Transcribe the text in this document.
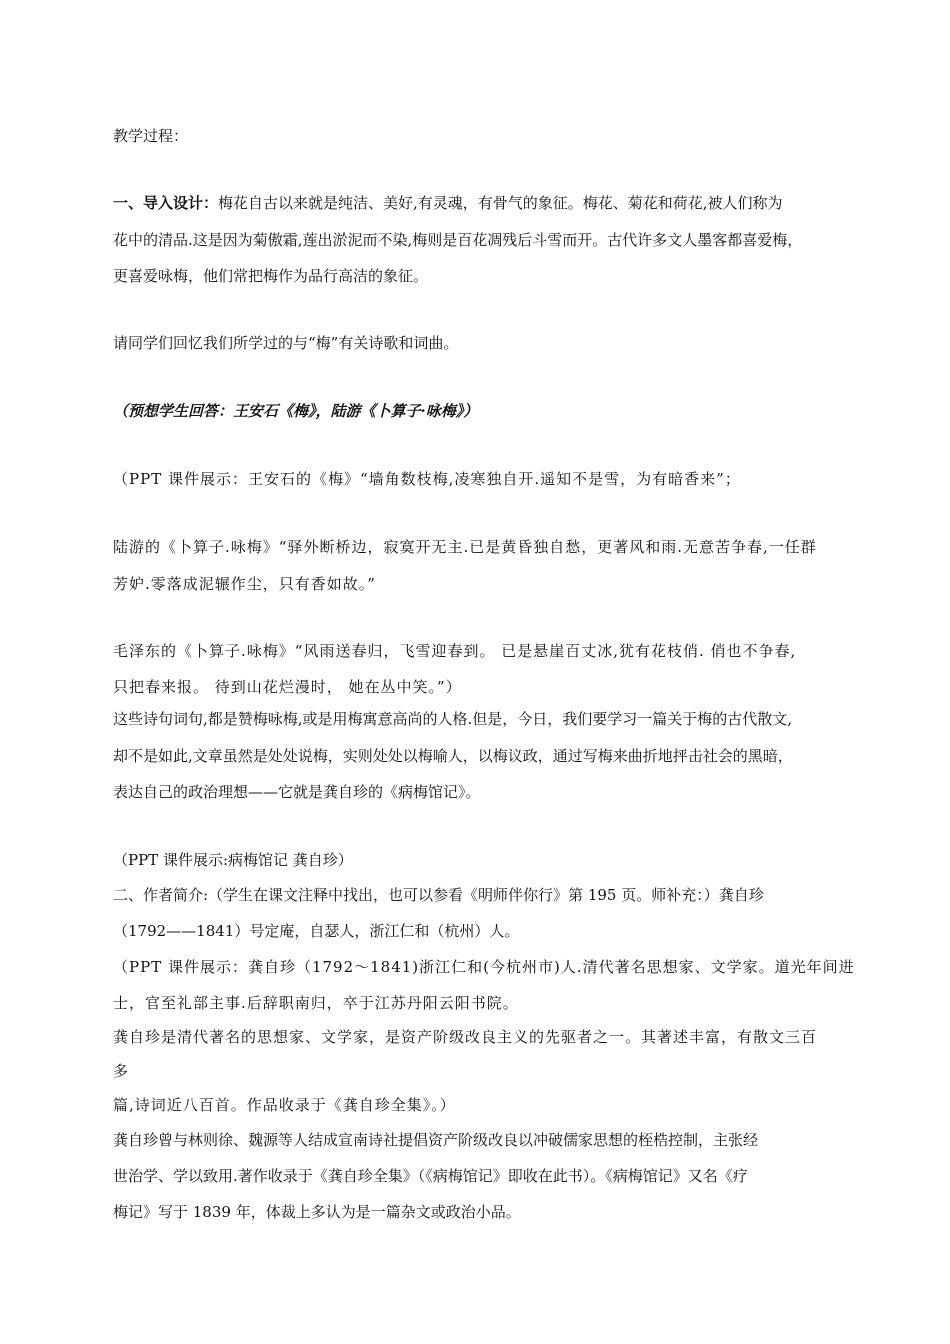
教学过程：
一、导入设计：梅花自古以来就是纯洁、美好,有灵魂，有骨气的象征。梅花、菊花和荷花,被人们称为
花中的清品.这是因为菊傲霜,莲出淤泥而不染,梅则是百花凋残后斗雪而开。古代许多文人墨客都喜爱梅，
更喜爱咏梅，他们常把梅作为品行高洁的象征。
请同学们回忆我们所学过的与“梅”有关诗歌和词曲。
（预想学生回答：王安石《梅》，陆游《卜算子·咏梅》）
（PPT 课件展示：王安石的《梅》“墙角数枝梅,凌寒独自开.遥知不是雪，为有暗香来”；
陆游的《卜算子.咏梅》“驿外断桥边，寂寞开无主.已是黄昏独自愁，更著风和雨.无意苦争春,一任群
芳妒.零落成泥辗作尘，只有香如故。”
毛泽东的《卜算子.咏梅》“风雨送春归，飞雪迎春到。 已是悬崖百丈冰,犹有花枝俏. 俏也不争春,
只把春来报。 待到山花烂漫时， 她在丛中笑。”）
这些诗句词句,都是赞梅咏梅,或是用梅寓意高尚的人格.但是，今日，我们要学习一篇关于梅的古代散文,
却不是如此,文章虽然是处处说梅，实则处处以梅喻人，以梅议政，通过写梅来曲折地抨击社会的黑暗，
表达自己的政治理想——它就是龚自珍的《病梅馆记》。
（PPT 课件展示:病梅馆记 龚自珍）
二、作者简介:（学生在课文注释中找出，也可以参看《明师伴你行》第 195 页。师补充：）龚自珍
（1792——1841）号定庵，自瑟人，浙江仁和（杭州）人。
（PPT 课件展示：龚自珍（1792～1841)浙江仁和(今杭州市)人.清代著名思想家、文学家。道光年间进
士，官至礼部主事.后辞职南归，卒于江苏丹阳云阳书院。
龚自珍是清代著名的思想家、文学家，是资产阶级改良主义的先驱者之一。其著述丰富，有散文三百
多
篇,诗词近八百首。作品收录于《龚自珍全集》。）
龚自珍曾与林则徐、魏源等人结成宣南诗社提倡资产阶级改良以冲破儒家思想的桎梏控制，主张经
世治学、学以致用.著作收录于《龚自珍全集》（《病梅馆记》即收在此书）。《病梅馆记》又名《疗
梅记》写于 1839 年，体裁上多认为是一篇杂文或政治小品。
